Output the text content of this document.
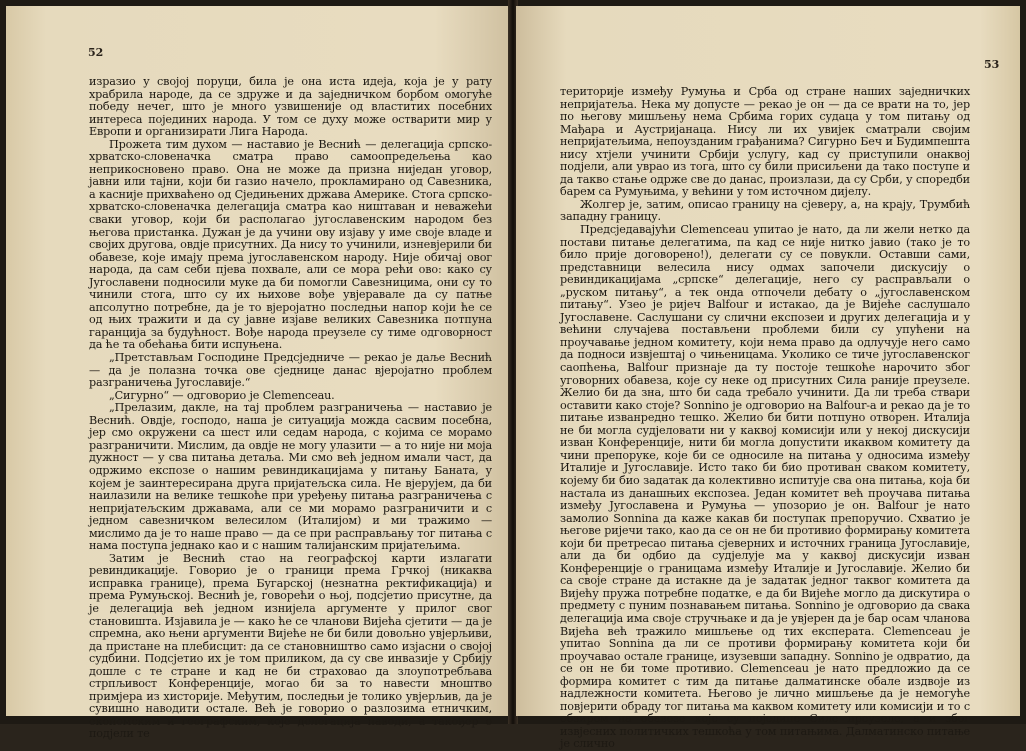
52

изразио у својој поруци, била је она иста идеја, која је у рату храбрила народе, да се здруже и да заједничком борбом омогуће победу нечег, што је много узвишеније од властитих посебних интереса појединих народа. У том се духу може остварити мир у Европи и организирати Лига Народа.

Прожета тим духом — наставио је Веснић — делегација српско-хрватско-словеначка сматра право самоопредељења као неприкосновено право. Она не може да призна ниједан уговор, јавни или тајни, који би газио начело, прокламирано од Савезника, а касније прихваћено од Сједињених држава Америке. Стога српско-хрватско-словеначка делегација сматра као ништаван и неважећи сваки уговор, који би располагао југославенским народом без његова пристанка. Дужан је да учини ову изјаву у име своје владе и својих другова, овдје присутних. Да нису то учинили, изневјерили би обавезе, које имају према југославенском народу. Није обичај овог народа, да сам себи пјева похвале, али се мора рећи ово: како су Југославени подносили муке да би помогли Савезницима, они су то чинили стога, што су их њихове вође увјеравале да су патње апсолутно потребне, да је то вјеројатно последњи напор који ће се од њих тражити и да су јавне изјаве великих Савезника потпуна гаранција за будућност. Вође народа преузеле су тиме одговорност да ће та обећања бити испуњена.

„Претстављам Господине Предсједниче — рекао је даље Веснић — да је полазна точка ове сједнице данас вјеројатно проблем разграничења Југославије.“

„Сигурно“ — одговорио је Clemenceau.

„Прелазим, дакле, на тај проблем разграничења — наставио је Веснић. Овдје, господо, наша је ситуација можда сасвим посебна, јер смо окружени са шест или седам народа, с којима се морамо разграничити. Мислим, да овдје не могу улазити — а то није ни моја дужност — у сва питања детаља. Ми смо већ једном имали част, да одржимо експозе о нашим ревиндикацијама у питању Баната, у којем је заинтересирана друга пријатељска сила. Не вјерујем, да би наилазили на велике тешкоће при уређењу питања разграничења с непријатељским државама, али се ми морамо разграничити и с једном савезничком велесилом (Италијом) и ми тражимо — мислимо да је то наше право — да се при расправљању тог питања с нама поступа једнако као и с нашим талијанским пријатељима.

Затим је Веснић стао на географској карти излагати ревиндикације. Говорио је о граници према Грчкој (никаква исправка границе), према Бугарској (незнатна ректификација) и према Румуњској. Веснић је, говорећи о њој, подсјетио присутне, да је делегација већ једном изнијела аргументе у прилог свог становишта. Изјавила је — како ће се чланови Вијећа сјетити — да је спремна, ако њени аргументи Вијеће не би били довољно увјерљиви, да пристане на плебисцит: да се становништво само изјасни о својој судбини. Подсјетио их је том приликом, да су све инвазије у Србију дошле с те стране и кад не би страховао да злоупотребљава стрпљивост Конференције, могао би за то навести мноштво примјера из хисторије. Међутим, последњи је толико увјерљив, да је сувишно наводити остале. Већ је говорио о разлозима етничким, економским и географским, које делегација наводи, а такођер о подјели те

53

територије између Румуња и Срба од стране наших заједничких непријатеља. Нека му допусте — рекао је он — да се врати на то, јер по његову мишљењу нема Србима горих судаца у том питању од Мађара и Аустријанаца. Нису ли их увијек сматрали својим непријатељима, непоузданим грађанима? Сигурно Беч и Будимпешта нису хтјели учинити Србији услугу, кад су приступили онаквој подјели, али уврао из тога, што су били присиљени да тако поступе и да такво стање одрже све до данас, произлази, да су Срби, у споредби барем са Румуњима, у већини у том источном дијелу.

Жолгер је, затим, описао границу на сјеверу, а, на крају, Трумбић западну границу.

Предсједавајући Clemenceau упитао је нато, да ли жели нетко да постави питање делегатима, па кад се није нитко јавио (тако је то било прије договорено!), делегати су се повукли. Оставши сами, представници велесила нису одмах започели дискусију о ревиндикацијама „српске“ делегације, него су расправљали о „руском питању“, а тек онда отпочели дебату о „југославенском питању“. Узео је ријеч Balfour и истакао, да је Вијеће саслушало Југославене. Саслушани су слични експозеи и других делегација и у већини случајева постављени проблеми били су упућени на проучавање једном комитету, који нема право да одлучује него само да подноси извјештај о чињеницама. Уколико се тиче југославенског саопћења, Balfour признаје да ту постоје тешкоће нарочито због уговорних обавеза, које су неке од присутних Сила раније преузеле. Желио би да зна, што би сада требало учинити. Да ли треба ствари оставити како стоје? Sonnino је одговорио на Balfour-а и рекао да је то питање изванредно тешко. Желио би бити потпуно отворен. Италија не би могла судјеловати ни у каквој комисији или у некој дискусији изван Конференције, нити би могла допустити икаквом комитету да чини препоруке, које би се односиле на питања у односима између Италије и Југославије. Исто тако би био противан сваком комитету, којему би био задатак да колективно испитује сва она питања, која би настала из данашњих експозеа. Један комитет већ проучава питања између Југославена и Румуња — упозорио је он. Balfour је нато замолио Sonnina да каже какав би поступак препоручио. Схватио је његове ријечи тако, као да се он не би противио формирању комитета који би претресао питања сјеверних и источних граница Југославије, али да би одбио да судјелује ма у каквој дискусији изван Конференције о границама између Италије и Југославије. Желио би са своје стране да истакне да је задатак једног таквог комитета да Вијећу пружа потребне податке, е да би Вијеће могло да дискутира о предмету с пуним познавањем питања. Sonnino је одговорио да свака делегација има своје стручњаке и да је увјерен да је бар осам чланова Вијећа већ тражило мишљење од тих експерата. Clemenceau је упитао Sonnina да ли се противи формирању комитета који би проучавао остале границе, изузевши западну. Sonnino је одвратио, да се он не би томе противио. Clemenceau је нато предложио да се формира комитет с тим да питање далматинске обале издвоје из надлежности комитета. Његово је лично мишљење да је немогуће повјерити обраду тог питања ма каквом комитету или комисији и то с обзиром на обавезе које су поједине Силе преузеле, а и због извјесних политичких тешкоћа у том питањима. Далматинско питање је слично
